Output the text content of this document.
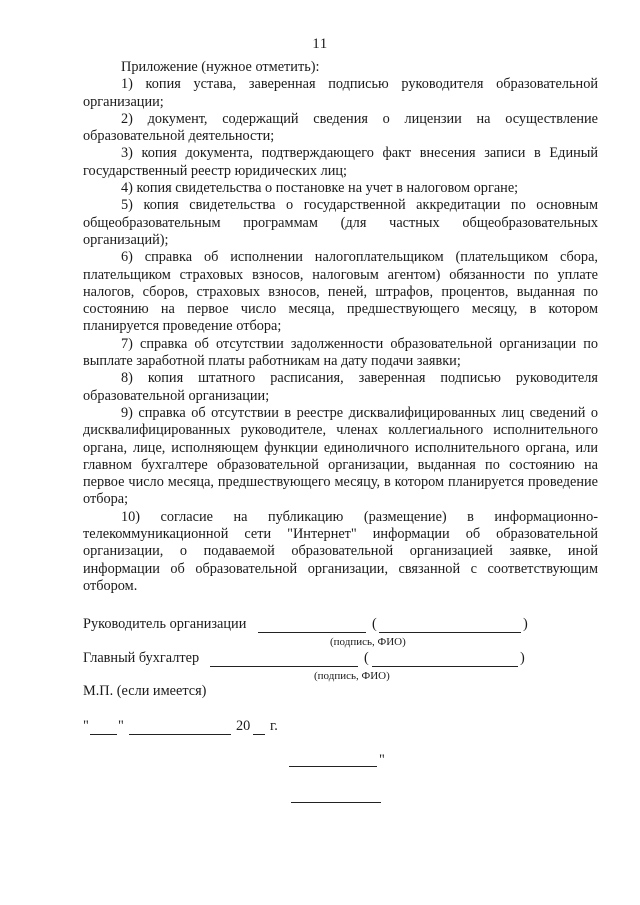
11

Приложение (нужное отметить):

1) копия устава, заверенная подписью руководителя образовательной организации;

2) документ, содержащий сведения о лицензии на осуществление образовательной деятельности;

3) копия документа, подтверждающего факт внесения записи в Единый государственный реестр юридических лиц;

4) копия свидетельства о постановке на учет в налоговом органе;

5) копия свидетельства о государственной аккредитации по основным общеобразовательным программам (для частных общеобразовательных организаций);

6) справка об исполнении налогоплательщиком (плательщиком сбора, плательщиком страховых взносов, налоговым агентом) обязанности по уплате налогов, сборов, страховых взносов, пеней, штрафов, процентов, выданная по состоянию на первое число месяца, предшествующего месяцу, в котором планируется проведение отбора;

7) справка об отсутствии задолженности образовательной организации по выплате заработной платы работникам на дату подачи заявки;

8) копия штатного расписания, заверенная подписью руководителя образовательной организации;

9) справка об отсутствии в реестре дисквалифицированных лиц сведений о дисквалифицированных руководителе, членах коллегиального исполнительного органа, лице, исполняющем функции единоличного исполнительного органа, или главном бухгалтере образовательной организации, выданная по состоянию на первое число месяца, предшествующего месяцу, в котором планируется проведение отбора;

10) согласие на публикацию (размещение) в информационно-телекоммуникационной сети "Интернет" информации об образовательной организации, о подаваемой образовательной организацией заявке, иной информации об образовательной организации, связанной с соответствующим отбором.

Руководитель организации	(	)
(подпись, ФИО)
Главный бухгалтер	(	)
(подпись, ФИО)
М.П. (если имеется)
" "	20 г.
"
